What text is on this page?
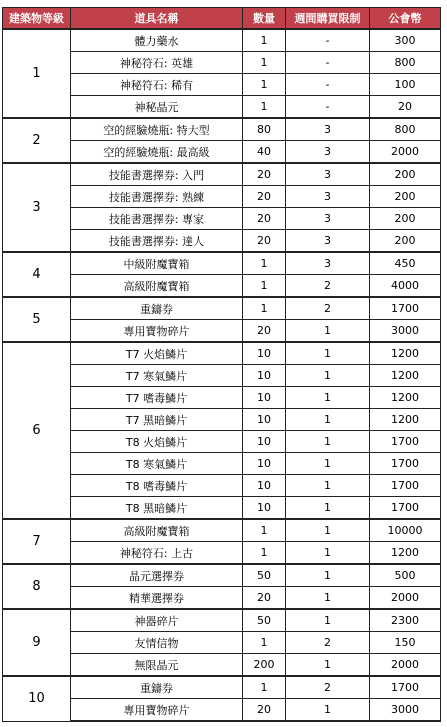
建築物等級	道具名稱	數量	週間購買限制	公會幣
1	體力藥水	1	-	300
	神秘符石: 英雄	1	-	800
	神秘符石: 稀有	1	-	100
	神秘晶元	1	-	20
2	空的經驗燒瓶: 特大型	80	3	800
	空的經驗燒瓶: 最高級	40	3	2000
3	技能書選擇券: 入門	20	3	200
	技能書選擇券: 熟練	20	3	200
	技能書選擇券: 專家	20	3	200
	技能書選擇券: 達人	20	3	200
4	中級附魔寶箱	1	3	450
	高級附魔寶箱	1	2	4000
5	重鑄券	1	2	1700
	專用寶物碎片	20	1	3000
6	T7 火焰鱗片	10	1	1200
	T7 寒氣鱗片	10	1	1200
	T7 嗜毒鱗片	10	1	1200
	T7 黑暗鱗片	10	1	1200
	T8 火焰鱗片	10	1	1700
	T8 寒氣鱗片	10	1	1700
	T8 嗜毒鱗片	10	1	1700
	T8 黑暗鱗片	10	1	1700
7	高級附魔寶箱	1	1	10000
	神秘符石: 上古	1	1	1200
8	晶元選擇券	50	1	500
	精華選擇券	20	1	2000
9	神器碎片	50	1	2300
	友情信物	1	2	150
	無限晶元	200	1	2000
10	重鑄券	1	2	1700
	專用寶物碎片	20	1	3000
